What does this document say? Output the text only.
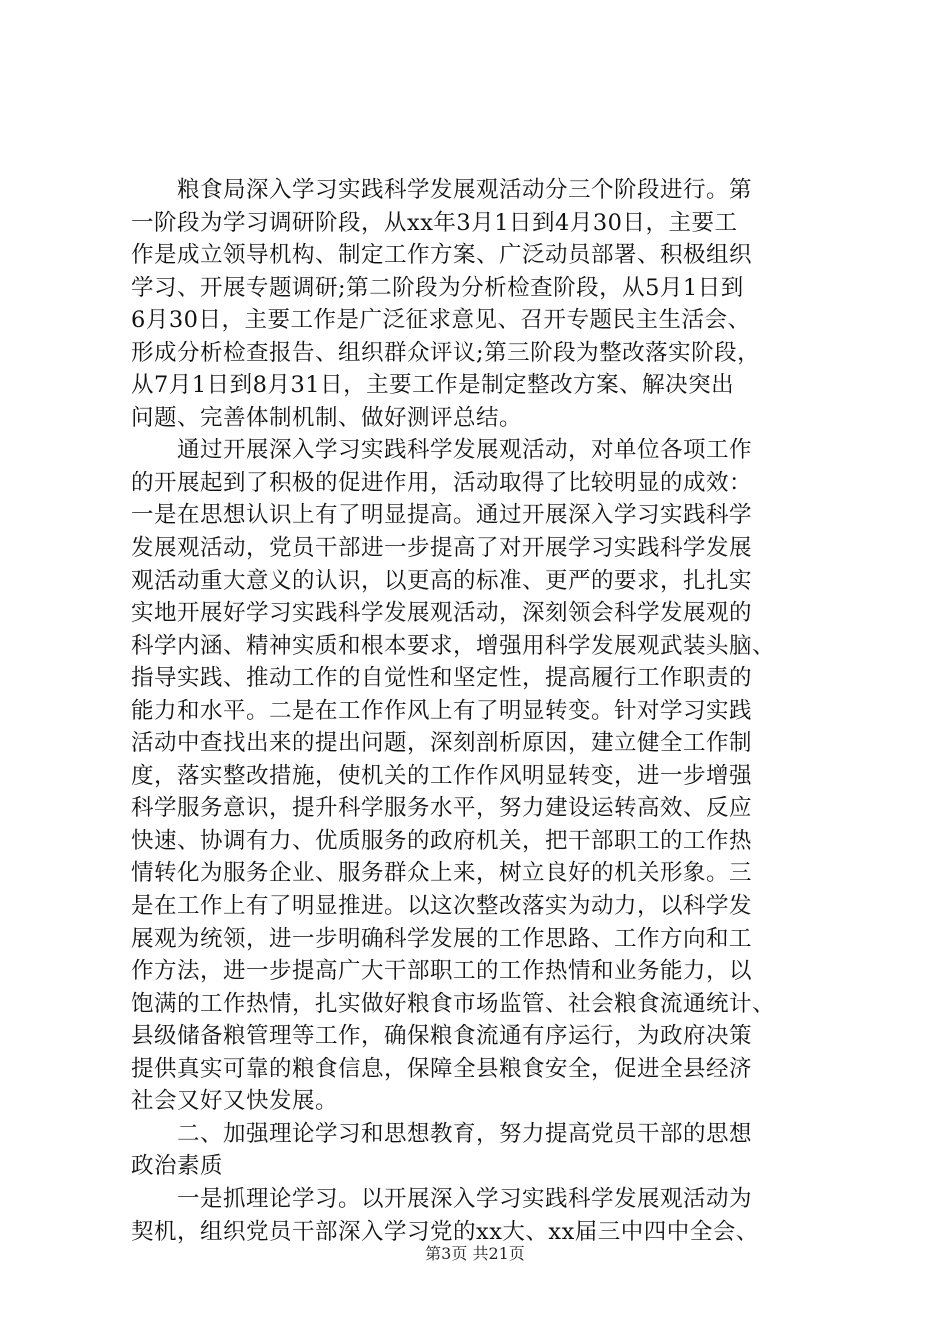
　　粮食局深入学习实践科学发展观活动分三个阶段进行。第
一阶段为学习调研阶段，从xx年3月1日到4月30日，主要工
作是成立领导机构、制定工作方案、广泛动员部署、积极组织
学习、开展专题调研;第二阶段为分析检查阶段，从5月1日到
6月30日，主要工作是广泛征求意见、召开专题民主生活会、
形成分析检查报告、组织群众评议;第三阶段为整改落实阶段，
从7月1日到8月31日，主要工作是制定整改方案、解决突出
问题、完善体制机制、做好测评总结。
　　通过开展深入学习实践科学发展观活动，对单位各项工作
的开展起到了积极的促进作用，活动取得了比较明显的成效：
一是在思想认识上有了明显提高。通过开展深入学习实践科学
发展观活动，党员干部进一步提高了对开展学习实践科学发展
观活动重大意义的认识，以更高的标准、更严的要求，扎扎实
实地开展好学习实践科学发展观活动，深刻领会科学发展观的
科学内涵、精神实质和根本要求，增强用科学发展观武装头脑、
指导实践、推动工作的自觉性和坚定性，提高履行工作职责的
能力和水平。二是在工作作风上有了明显转变。针对学习实践
活动中查找出来的提出问题，深刻剖析原因，建立健全工作制
度，落实整改措施，使机关的工作作风明显转变，进一步增强
科学服务意识，提升科学服务水平，努力建设运转高效、反应
快速、协调有力、优质服务的政府机关，把干部职工的工作热
情转化为服务企业、服务群众上来，树立良好的机关形象。三
是在工作上有了明显推进。以这次整改落实为动力，以科学发
展观为统领，进一步明确科学发展的工作思路、工作方向和工
作方法，进一步提高广大干部职工的工作热情和业务能力，以
饱满的工作热情，扎实做好粮食市场监管、社会粮食流通统计、
县级储备粮管理等工作，确保粮食流通有序运行，为政府决策
提供真实可靠的粮食信息，保障全县粮食安全，促进全县经济
社会又好又快发展。
　　二、加强理论学习和思想教育，努力提高党员干部的思想
政治素质
　　一是抓理论学习。以开展深入学习实践科学发展观活动为
契机，组织党员干部深入学习党的xx大、xx届三中四中全会、
第3页 共21页
